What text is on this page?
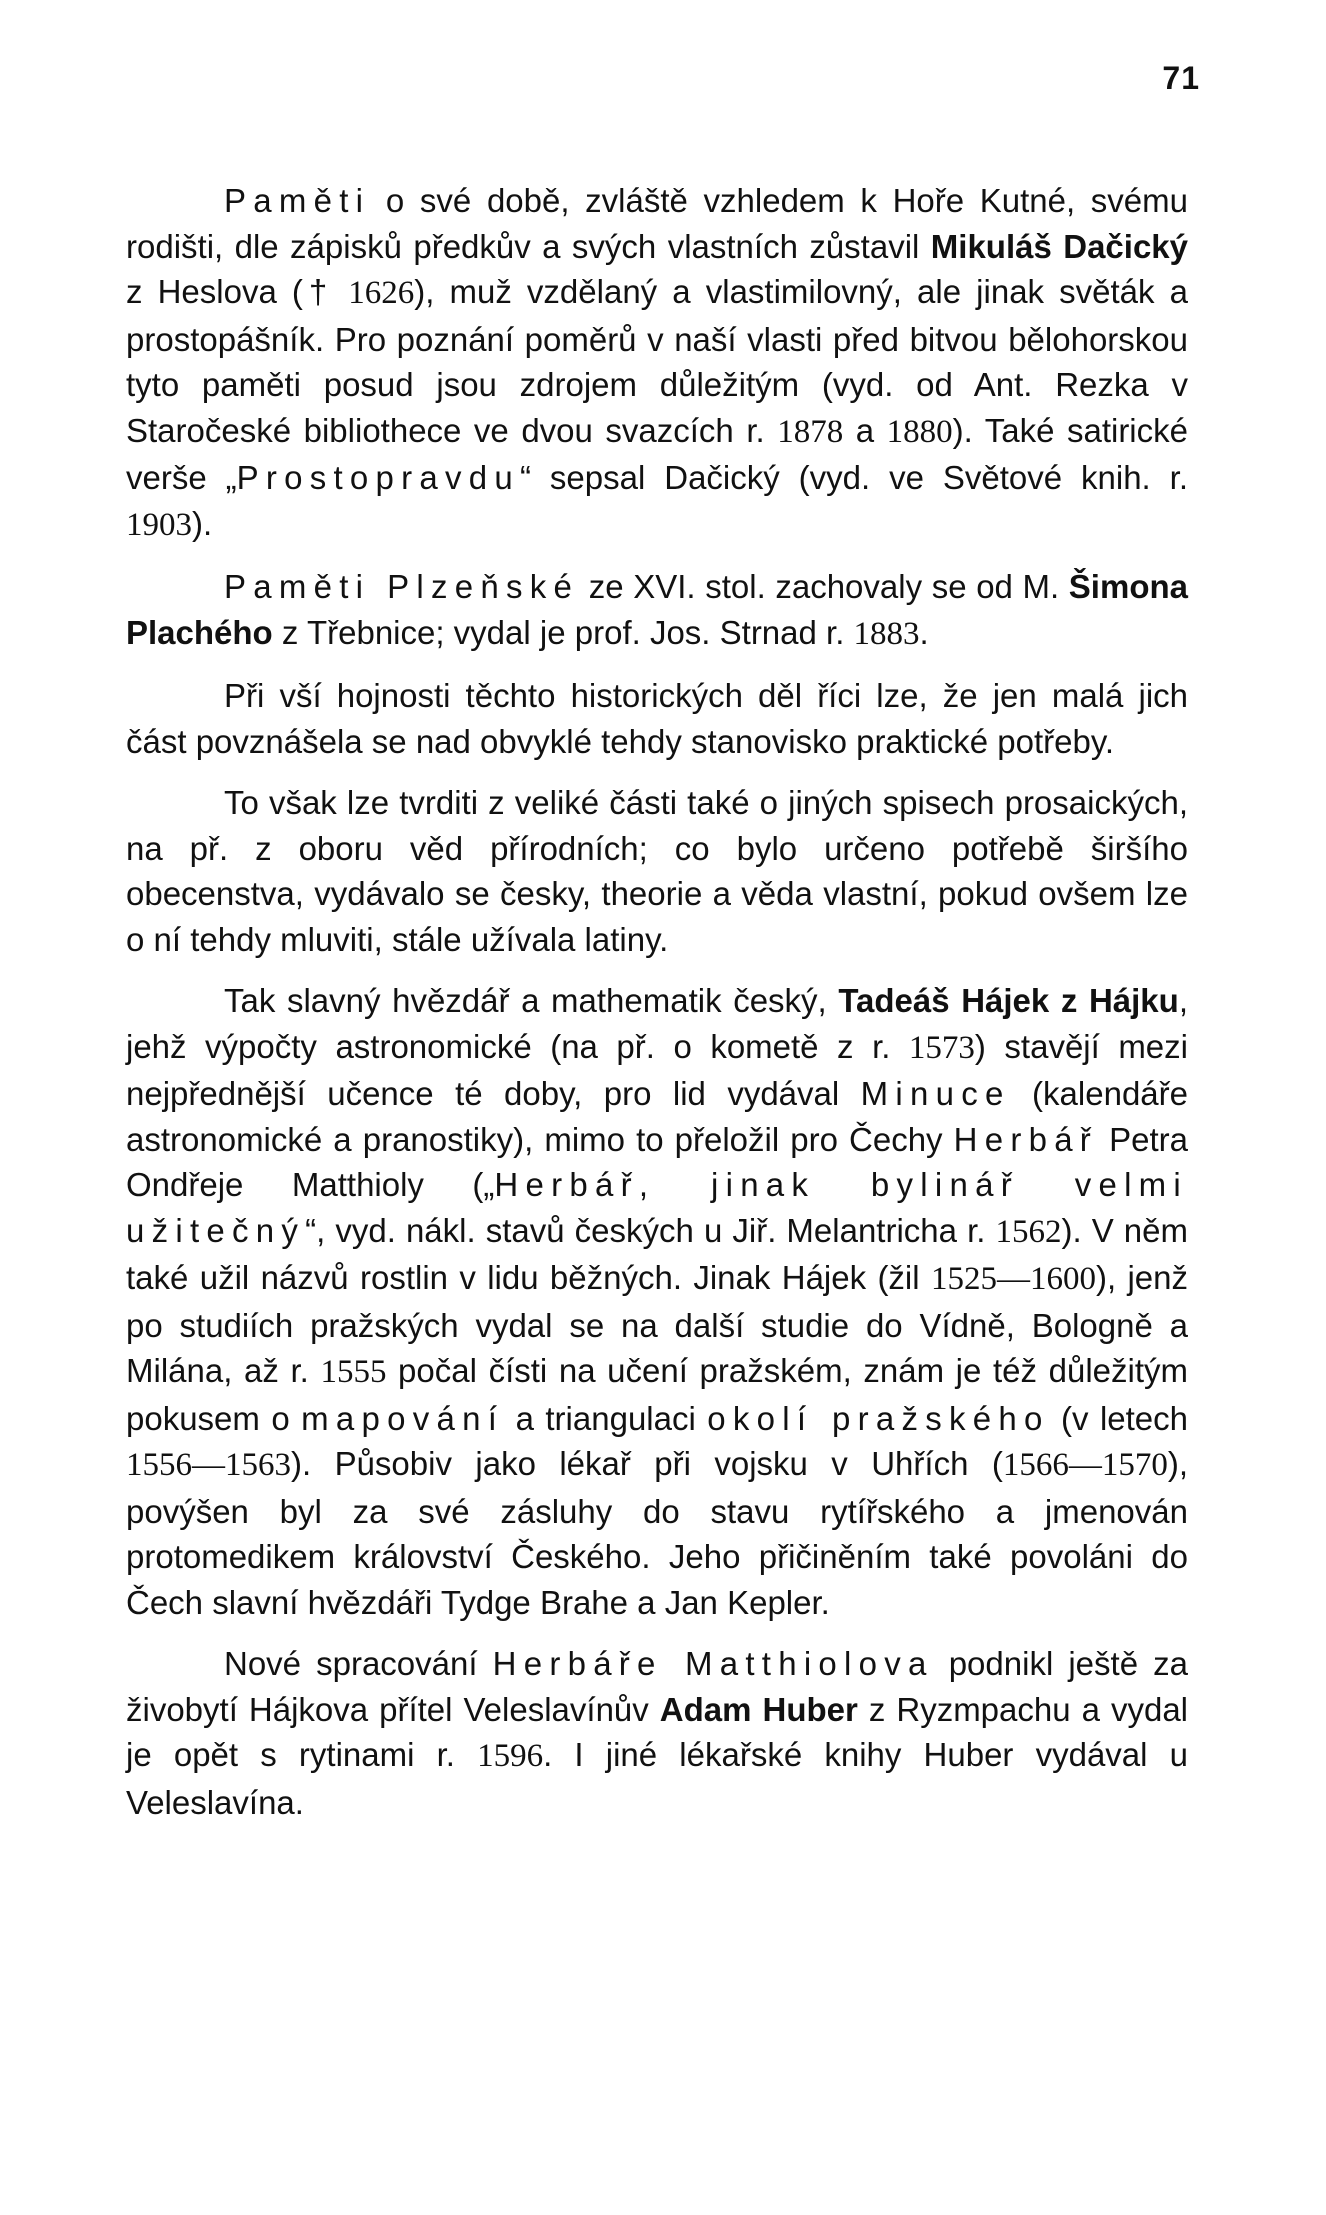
71

Paměti o své době, zvláště vzhledem k Hoře Kutné, svému rodišti, dle zápisků předkův a svých vlastních zůstavil Mikuláš Dačický z Heslova († 1626), muž vzdělaný a vlastimilovný, ale jinak světák a prostopášník. Pro poznání poměrů v naší vlasti před bitvou bělohorskou tyto paměti posud jsou zdrojem důležitým (vyd. od Ant. Rezka v Staročeské bibliothece ve dvou svazcích r. 1878 a 1880). Také satirické verše „Prostopravdu“ sepsal Dačický (vyd. ve Světové knih. r. 1903).

Paměti Plzeňské ze XVI. stol. zachovaly se od M. Šimona Plachého z Třebnice; vydal je prof. Jos. Strnad r. 1883.

Při vší hojnosti těchto historických děl říci lze, že jen malá jich část povznášela se nad obvyklé tehdy stanovisko praktické potřeby.

To však lze tvrditi z veliké části také o jiných spisech prosaických, na př. z oboru věd přírodních; co bylo určeno potřebě širšího obecenstva, vydávalo se česky, theorie a věda vlastní, pokud ovšem lze o ní tehdy mluviti, stále užívala latiny.

Tak slavný hvězdář a mathematik český, Tadeáš Hájek z Hájku, jehž výpočty astronomické (na př. o kometě z r. 1573) stavějí mezi nejpřednější učence té doby, pro lid vydával Minuce (kalendáře astronomické a pranostiky), mimo to přeložil pro Čechy Herbář Petra Ondřeje Matthioly („Herbář, jinak bylinář velmi užitečný“, vyd. nákl. stavů českých u Jiř. Melantricha r. 1562). V něm také užil názvů rostlin v lidu běžných. Jinak Hájek (žil 1525—1600), jenž po studiích pražských vydal se na další studie do Vídně, Bologně a Milána, až r. 1555 počal čísti na učení pražském, znám je též důležitým pokusem o mapování a triangulaci okolí pražského (v letech 1556—1563). Působiv jako lékař při vojsku v Uhřích (1566—1570), povýšen byl za své zásluhy do stavu rytířského a jmenován protomedikem království Českého. Jeho přičiněním také povoláni do Čech slavní hvězdáři Tydge Brahe a Jan Kepler.

Nové spracování Herbáře Matthiolova podnikl ještě za živobytí Hájkova přítel Veleslavínův Adam Huber z Ryzmpachu a vydal je opět s rytinami r. 1596. I jiné lékařské knihy Huber vydával u Veleslavína.
